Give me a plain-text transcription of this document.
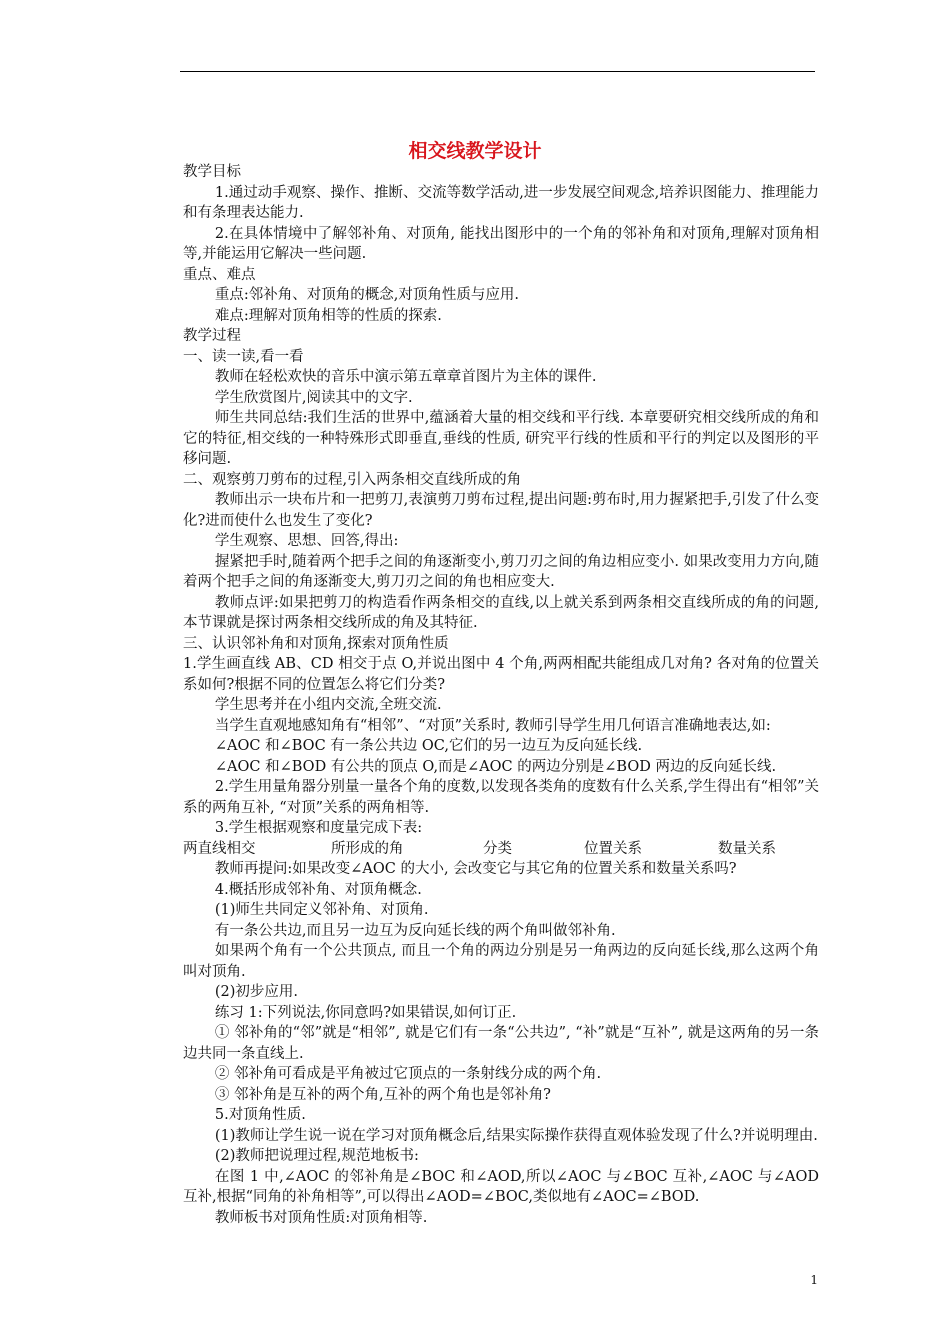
相交线教学设计

教学目标

1.通过动手观察、操作、推断、交流等数学活动,进一步发展空间观念,培养识图能力、推理能力和有条理表达能力.

2.在具体情境中了解邻补角、对顶角, 能找出图形中的一个角的邻补角和对顶角,理解对顶角相等,并能运用它解决一些问题.

重点、难点

重点:邻补角、对顶角的概念,对顶角性质与应用.

难点:理解对顶角相等的性质的探索.

教学过程

一、读一读,看一看

教师在轻松欢快的音乐中演示第五章章首图片为主体的课件.

学生欣赏图片,阅读其中的文字.

师生共同总结:我们生活的世界中,蕴涵着大量的相交线和平行线. 本章要研究相交线所成的角和它的特征,相交线的一种特殊形式即垂直,垂线的性质, 研究平行线的性质和平行的判定以及图形的平移问题.

二、观察剪刀剪布的过程,引入两条相交直线所成的角

教师出示一块布片和一把剪刀,表演剪刀剪布过程,提出问题:剪布时,用力握紧把手,引发了什么变化?进而使什么也发生了变化?

学生观察、思想、回答,得出:

握紧把手时,随着两个把手之间的角逐渐变小,剪刀刃之间的角边相应变小. 如果改变用力方向,随着两个把手之间的角逐渐变大,剪刀刃之间的角也相应变大.

教师点评:如果把剪刀的构造看作两条相交的直线,以上就关系到两条相交直线所成的角的问题,本节课就是探讨两条相交线所成的角及其特征.

三、认识邻补角和对顶角,探索对顶角性质

1.学生画直线 AB、CD 相交于点 O,并说出图中 4 个角,两两相配共能组成几对角? 各对角的位置关系如何?根据不同的位置怎么将它们分类?

学生思考并在小组内交流,全班交流.

当学生直观地感知角有“相邻”、“对顶”关系时, 教师引导学生用几何语言准确地表达,如:

∠AOC 和∠BOC 有一条公共边 OC,它们的另一边互为反向延长线.

∠AOC 和∠BOD 有公共的顶点 O,而是∠AOC 的两边分别是∠BOD 两边的反向延长线.

2.学生用量角器分别量一量各个角的度数,以发现各类角的度数有什么关系,学生得出有“相邻”关系的两角互补, “对顶”关系的两角相等.

3.学生根据观察和度量完成下表:

两直线相交	所形成的角	分类	位置关系	数量关系

教师再提问:如果改变∠AOC 的大小, 会改变它与其它角的位置关系和数量关系吗?

4.概括形成邻补角、对顶角概念.

(1)师生共同定义邻补角、对顶角.

有一条公共边,而且另一边互为反向延长线的两个角叫做邻补角.

如果两个角有一个公共顶点, 而且一个角的两边分别是另一角两边的反向延长线,那么这两个角叫对顶角.

(2)初步应用.

练习 1:下列说法,你同意吗?如果错误,如何订正.

① 邻补角的“邻”就是“相邻”, 就是它们有一条“公共边”, “补”就是“互补”, 就是这两角的另一条边共同一条直线上.

② 邻补角可看成是平角被过它顶点的一条射线分成的两个角.

③ 邻补角是互补的两个角,互补的两个角也是邻补角?

5.对顶角性质.

(1)教师让学生说一说在学习对顶角概念后,结果实际操作获得直观体验发现了什么?并说明理由.

(2)教师把说理过程,规范地板书:

在图 1 中,∠AOC 的邻补角是∠BOC 和∠AOD,所以∠AOC 与∠BOC 互补,∠AOC 与∠AOD 互补,根据“同角的补角相等”,可以得出∠AOD=∠BOC,类似地有∠AOC=∠BOD.

教师板书对顶角性质:对顶角相等.

1
